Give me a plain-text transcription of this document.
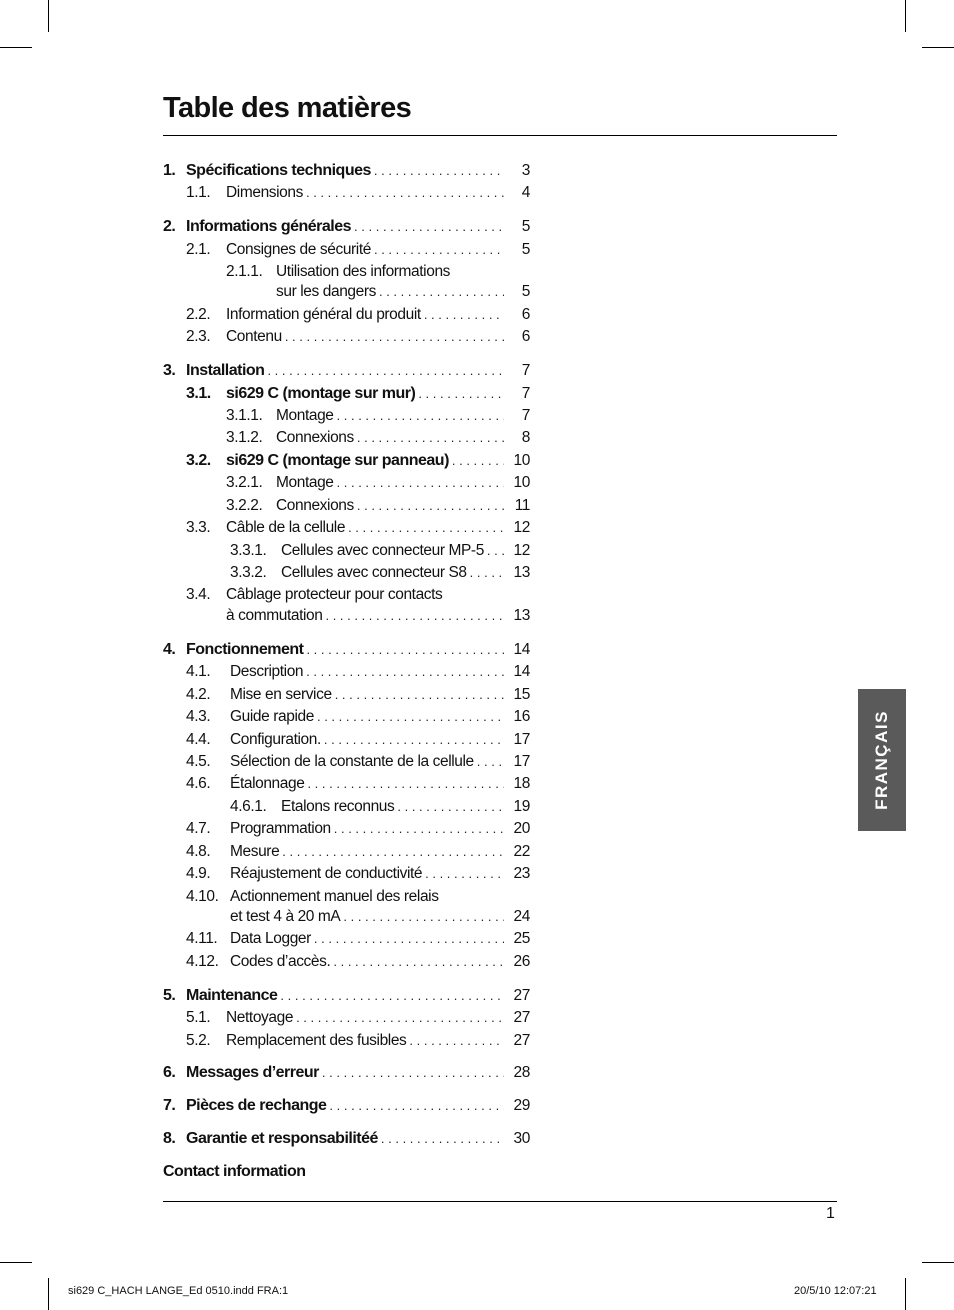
Table des matières
1. Spécifications techniques . . .	3
1.1. Dimensions . . .	4
2. Informations générales . . .	5
2.1. Consignes de sécurité . . .	5
2.1.1. Utilisation des informations
sur les dangers . . .	5
2.2. Information général du produit . . .	6
2.3. Contenu . . .	6
3. Installation . . .	7
3.1. si629 C (montage sur mur) . . .	7
3.1.1. Montage . . .	7
3.1.2. Connexions . . .	8
3.2. si629 C (montage sur panneau) . . .	10
3.2.1. Montage . . .	10
3.2.2. Connexions . . .	11
3.3. Câble de la cellule . . .	12
3.3.1. Cellules avec connecteur MP-5 . . . 12
3.3.2. Cellules avec connecteur S8 . . .	13
3.4. Câblage protecteur pour contacts
à commutation . . .	13
4. Fonctionnement . . .	14
4.1. Description . . .	14
4.2. Mise en service . . .	15
4.3. Guide rapide . . .	16
4.4. Configuration. . . .	17
4.5. Sélection de la constante de la cellule . . .	17
4.6. Étalonnage . . .	18
4.6.1. Etalons reconnus . . .	19
4.7. Programmation . . .	20
4.8. Mesure . . .	22
4.9. Réajustement de conductivité . . .	23
4.10. Actionnement manuel des relais
et test 4 à 20 mA . . .	24
4.11. Data Logger . . .	25
4.12. Codes d’accès. . . .	26
5. Maintenance . . .	27
5.1. Nettoyage . . .	27
5.2. Remplacement des fusibles . . .	27
6. Messages d’erreur . . .	28
7. Pièces de rechange . . .	29
8. Garantie et responsabilitéé . . .	30
Contact information
FRANÇAIS
1
si629 C_HACH LANGE_Ed 0510.indd FRA:1	20/5/10 12:07:21
